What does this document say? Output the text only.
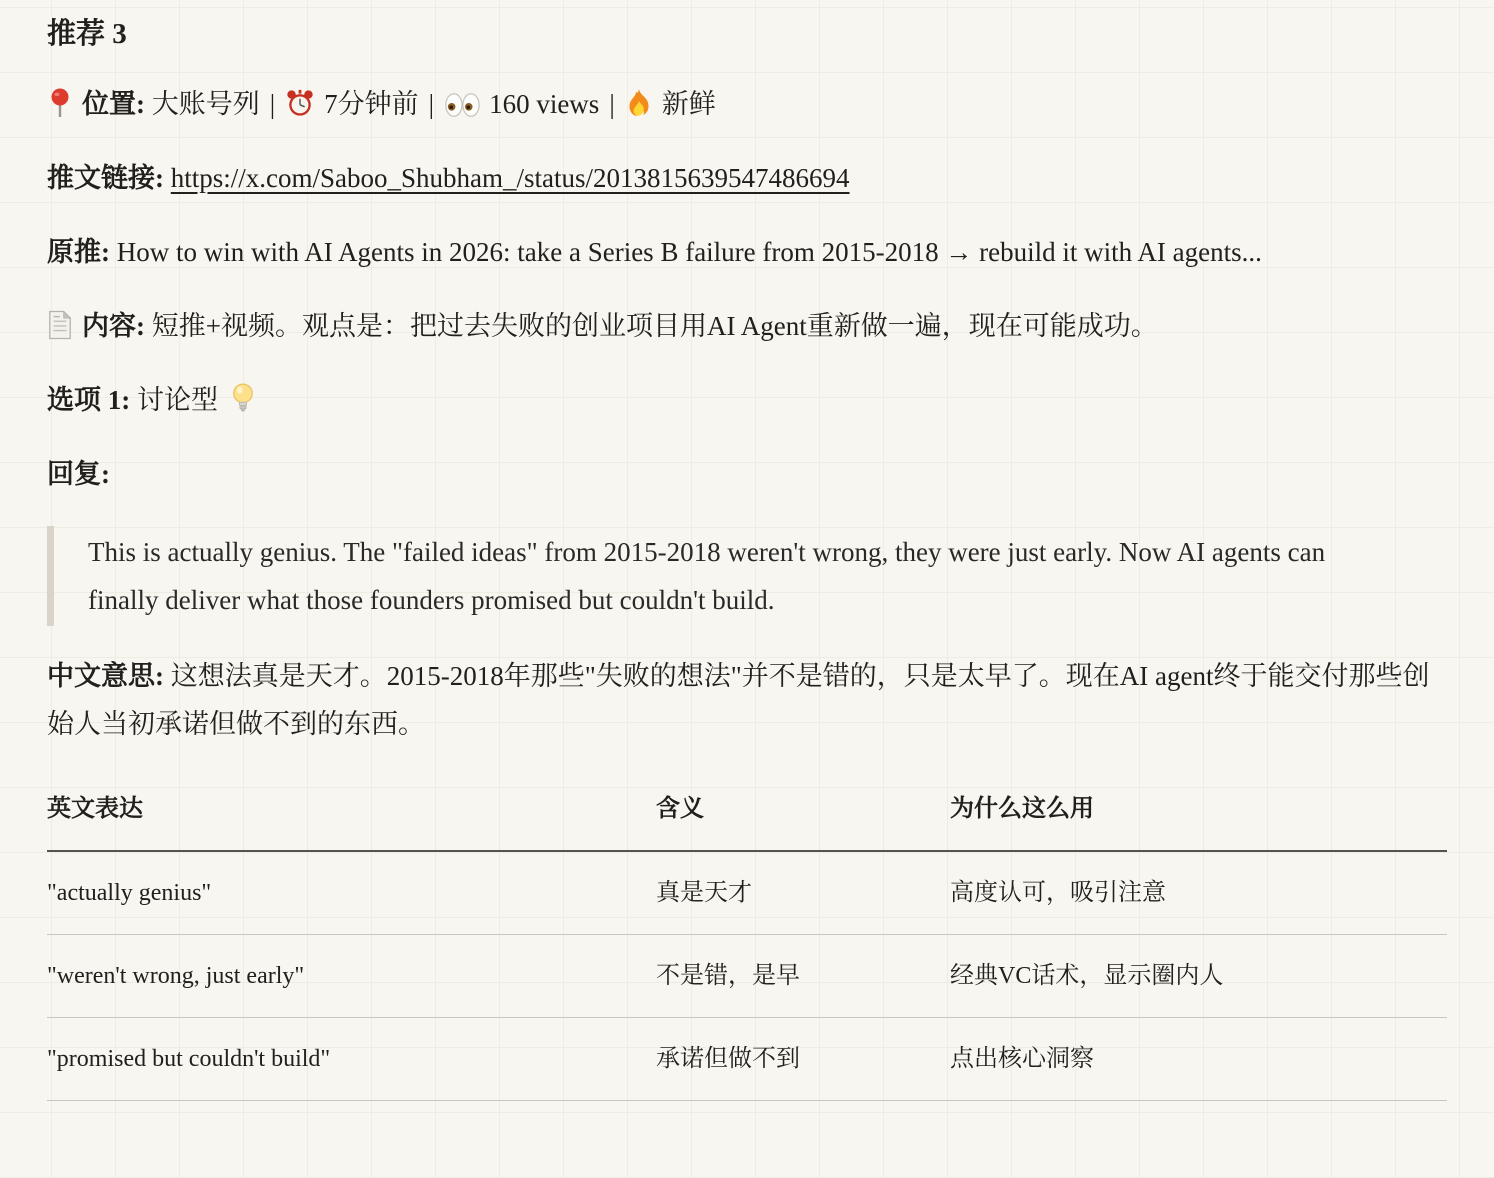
推荐 3

位置: 大账号列 | 7分钟前 | 160 views | 新鲜

推文链接: https://x.com/Saboo_Shubham_/status/2013815639547486694

原推: How to win with AI Agents in 2026: take a Series B failure from 2015-2018 → rebuild it with AI agents...

内容: 短推+视频。观点是：把过去失败的创业项目用AI Agent重新做一遍，现在可能成功。

选项 1: 讨论型

回复:

This is actually genius. The "failed ideas" from 2015-2018 weren't wrong, they were just early. Now AI agents can finally deliver what those founders promised but couldn't build.

中文意思: 这想法真是天才。2015-2018年那些"失败的想法"并不是错的，只是太早了。现在AI agent终于能交付那些创始人当初承诺但做不到的东西。

英文表达	含义	为什么这么用
"actually genius"	真是天才	高度认可，吸引注意
"weren't wrong, just early"	不是错，是早	经典VC话术，显示圈内人
"promised but couldn't build"	承诺但做不到	点出核心洞察
